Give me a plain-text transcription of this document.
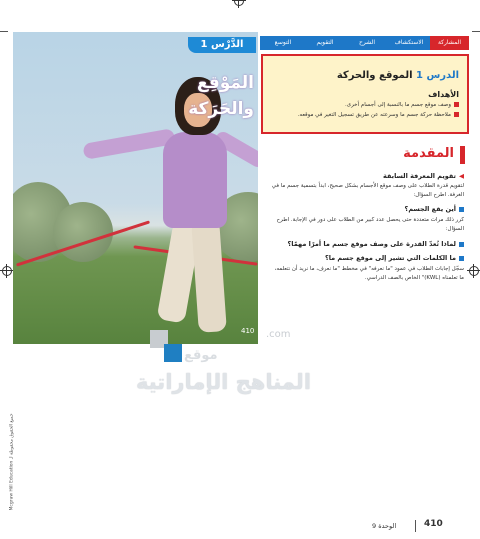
الدَّرْس 1
المَوْقِع
والحَرَكة
410
المشاركة
الاستكشاف
الشرح
التقويم
التوسع
الدرس 1 الموقع والحركة
الأهداف
وصف موقع جسم ما بالنسبة إلى أجسام أخرى.
ملاحظة حركة جسم ما وسرعته عن طريق تسجيل التغير في موقعه.
المقدمة
◀تقويم المعرفة السابقة
لتقويم قدرة الطلاب على وصف موقع الأجسام بشكل صحيح، ابدأ بتسمية جسم ما في الغرفة. اطرح السؤال:
أين يقع الجسم؟
كرر ذلك مرات متعددة حتى يحصل عدد كبير من الطلاب على دور في الإجابة. اطرح السؤال:
لماذا تُعدّ القدرة على وصف موقع جسم ما أمرًا مهمًا؟
ما الكلمات التي تشير إلى موقع جسم ما؟
سجّل إجابات الطلاب في عمود "ما نعرفه" في مخطط "ما نعرف، ما نريد أن نتعلمه، ما تعلمناه (KWL)" الخاص بالصف الدراسي.
.com
موقع
المناهج الإماراتية
Mcgraw Hill Education جميع الحقوق محفوظة لـ
الوحدة 9	410
